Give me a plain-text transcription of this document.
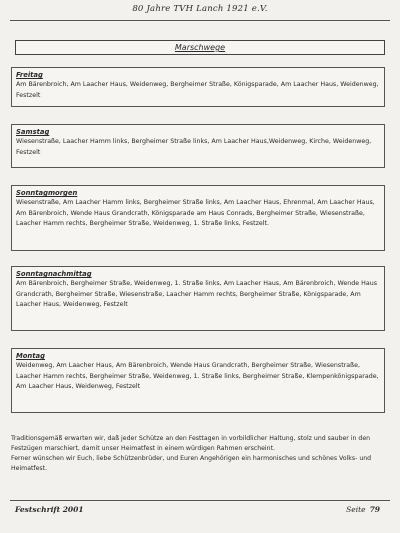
80 Jahre TVH Lanch 1921 e.V.
Marschwege
Freitag

Am Bärenbroich, Am Laacher Haus, Weidenweg, Bergheimer Straße, Königsparade, Am Laacher Haus, Weidenweg, Festzelt

Samstag

Wiesenstraße, Laacher Hamm links, Bergheimer Straße links, Am Laacher Haus,Weidenweg, Kirche, Weidenweg, Festzelt

Sonntagmorgen

Wiesenstraße, Am Laacher Hamm links, Bergheimer Straße links, Am Laacher Haus, Ehrenmal, Am Laacher Haus, Am Bärenbroich, Wende Haus Grandcrath, Königsparade am Haus Conrads, Bergheimer Straße, Wiesenstraße, Laacher Hamm rechts, Bergheimer Straße, Weidenweg, 1. Straße links, Festzelt.

Sonntagnachmittag

Am Bärenbroich, Bergheimer Straße, Weidenweg, 1. Straße links, Am Laacher Haus, Am Bärenbroich, Wende Haus Grandcrath, Bergheimer Straße, Wiesenstraße, Laacher Hamm rechts, Bergheimer Straße, Königsparade, Am Laacher Haus, Weidenweg, Festzelt

Montag

Weidenweg, Am Laacher Haus, Am Bärenbroich, Wende Haus Grandcrath, Bergheimer Straße, Wiesenstraße, Laacher Hamm rechts, Bergheimer Straße, Weidenweg, 1. Straße links, Bergheimer Straße, Klempenkönigsparade, Am Laacher Haus, Weidenweg, Festzelt

Traditionsgemäß erwarten wir, daß jeder Schütze an den Festtagen in vorbildlicher Haltung, stolz und sauber in den Festzügen marschiert, damit unser Heimatfest in einem würdigen Rahmen erscheint.

Ferner wünschen wir Euch, liebe Schützenbrüder, und Euren Angehörigen ein harmonisches und schönes Volks- und Heimatfest.

Festschrift 2001	Seite 79
